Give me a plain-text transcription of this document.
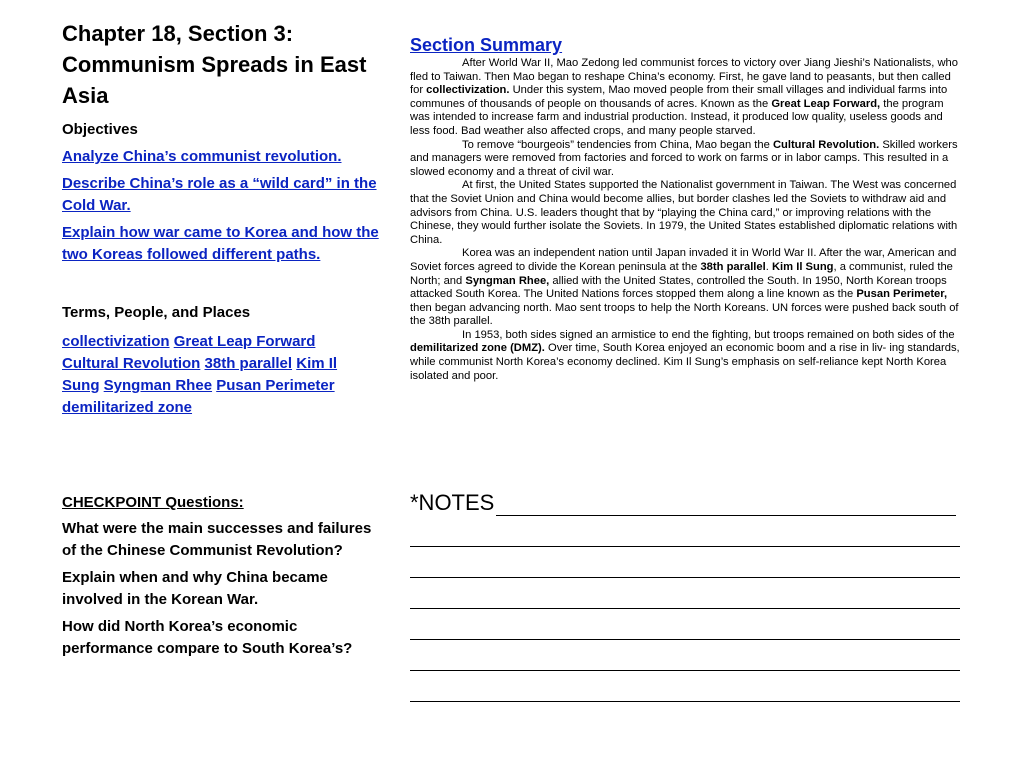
Chapter 18, Section 3: Communism Spreads in East Asia
Objectives
Analyze China’s communist revolution.
Describe China’s role as a “wild card” in the Cold War.
Explain how war came to Korea and how the two Koreas followed different paths.
Terms, People, and Places
collectivization Great Leap Forward Cultural Revolution 38th parallel Kim Il Sung Syngman Rhee Pusan Perimeter demilitarized zone
CHECKPOINT Questions:
What were the main successes and failures of the Chinese Communist Revolution?
Explain when and why China became involved in the Korean War.
How did North Korea’s economic performance compare to South Korea’s?
Section Summary

After World War II, Mao Zedong led communist forces to victory over Jiang Jieshi’s Nationalists, who fled to Taiwan. Then Mao began to reshape China’s economy. First, he gave land to peasants, but then called for collectivization. Under this system, Mao moved people from their small villages and individual farms into communes of thousands of people on thousands of acres. Known as the Great Leap Forward, the program was intended to increase farm and industrial production. Instead, it produced low quality, useless goods and less food. Bad weather also affected crops, and many people starved.

To remove “bourgeois” tendencies from China, Mao began the Cultural Revolution. Skilled workers and managers were removed from factories and forced to work on farms or in labor camps. This resulted in a slowed economy and a threat of civil war.

At first, the United States supported the Nationalist government in Taiwan. The West was concerned that the Soviet Union and China would become allies, but border clashes led the Soviets to withdraw aid and advisors from China. U.S. leaders thought that by “playing the China card,” or improving relations with the Chinese, they would further isolate the Soviets. In 1979, the United States established diplomatic relations with China.

Korea was an independent nation until Japan invaded it in World War II. After the war, American and Soviet forces agreed to divide the Korean peninsula at the 38th parallel. Kim Il Sung, a communist, ruled the North; and Syngman Rhee, allied with the United States, controlled the South. In 1950, North Korean troops attacked South Korea. The United Nations forces stopped them along a line known as the Pusan Perimeter, then began advancing north. Mao sent troops to help the North Koreans. UN forces were pushed back south of the 38th parallel.

In 1953, both sides signed an armistice to end the fighting, but troops remained on both sides of the demilitarized zone (DMZ). Over time, South Korea enjoyed an economic boom and a rise in liv- ing standards, while communist North Korea’s economy declined. Kim Il Sung’s emphasis on self-reliance kept North Korea isolated and poor.

*NOTES
